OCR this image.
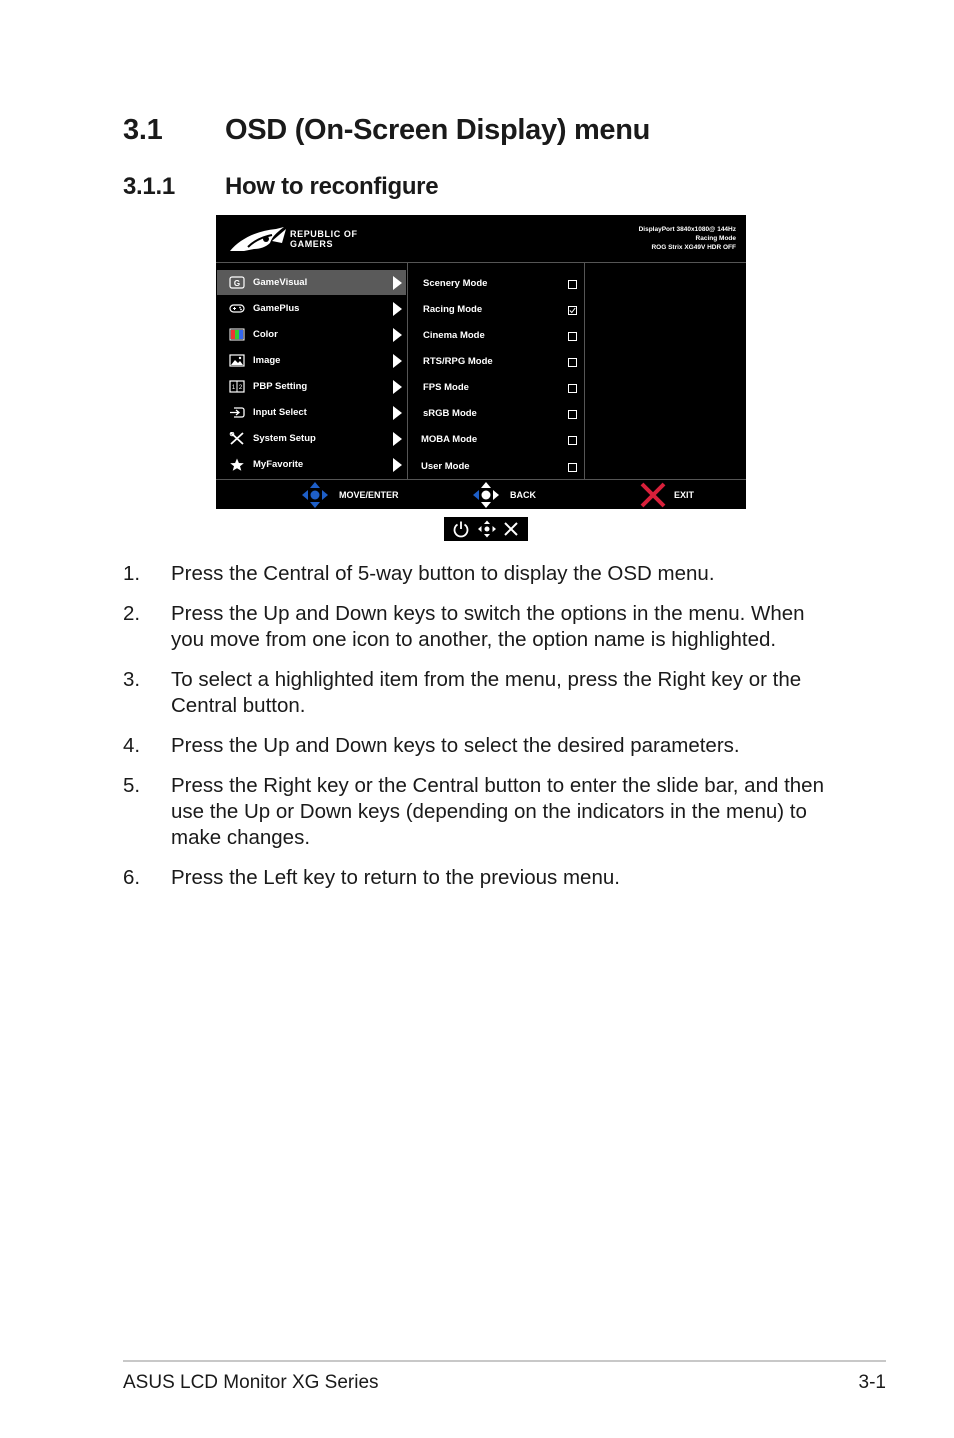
3.1 OSD (On-Screen Display) menu
3.1.1 How to reconfigure
REPUBLIC OF
GAMERS
DisplayPort 3840x1080@ 144Hz
Racing Mode
ROG Strix XG49V HDR OFF
G GameVisual
GamePlus
Color
Image
1 2 PBP Setting
Input Select
System Setup
MyFavorite
Scenery Mode
Racing Mode
Cinema Mode
RTS/RPG Mode
FPS Mode
sRGB Mode
MOBA Mode
User Mode
MOVE/ENTER	BACK	EXIT
1. Press the Central of 5-way button to display the OSD menu.
2. Press the Up and Down keys to switch the options in the menu. When you move from one icon to another, the option name is highlighted.
3. To select a highlighted item from the menu, press the Right key or the Central button.
4. Press the Up and Down keys to select the desired parameters.
5. Press the Right key or the Central button to enter the slide bar, and then use the Up or Down keys (depending on the indicators in the menu) to make changes.
6. Press the Left key to return to the previous menu.
ASUS LCD Monitor XG Series	3-1
